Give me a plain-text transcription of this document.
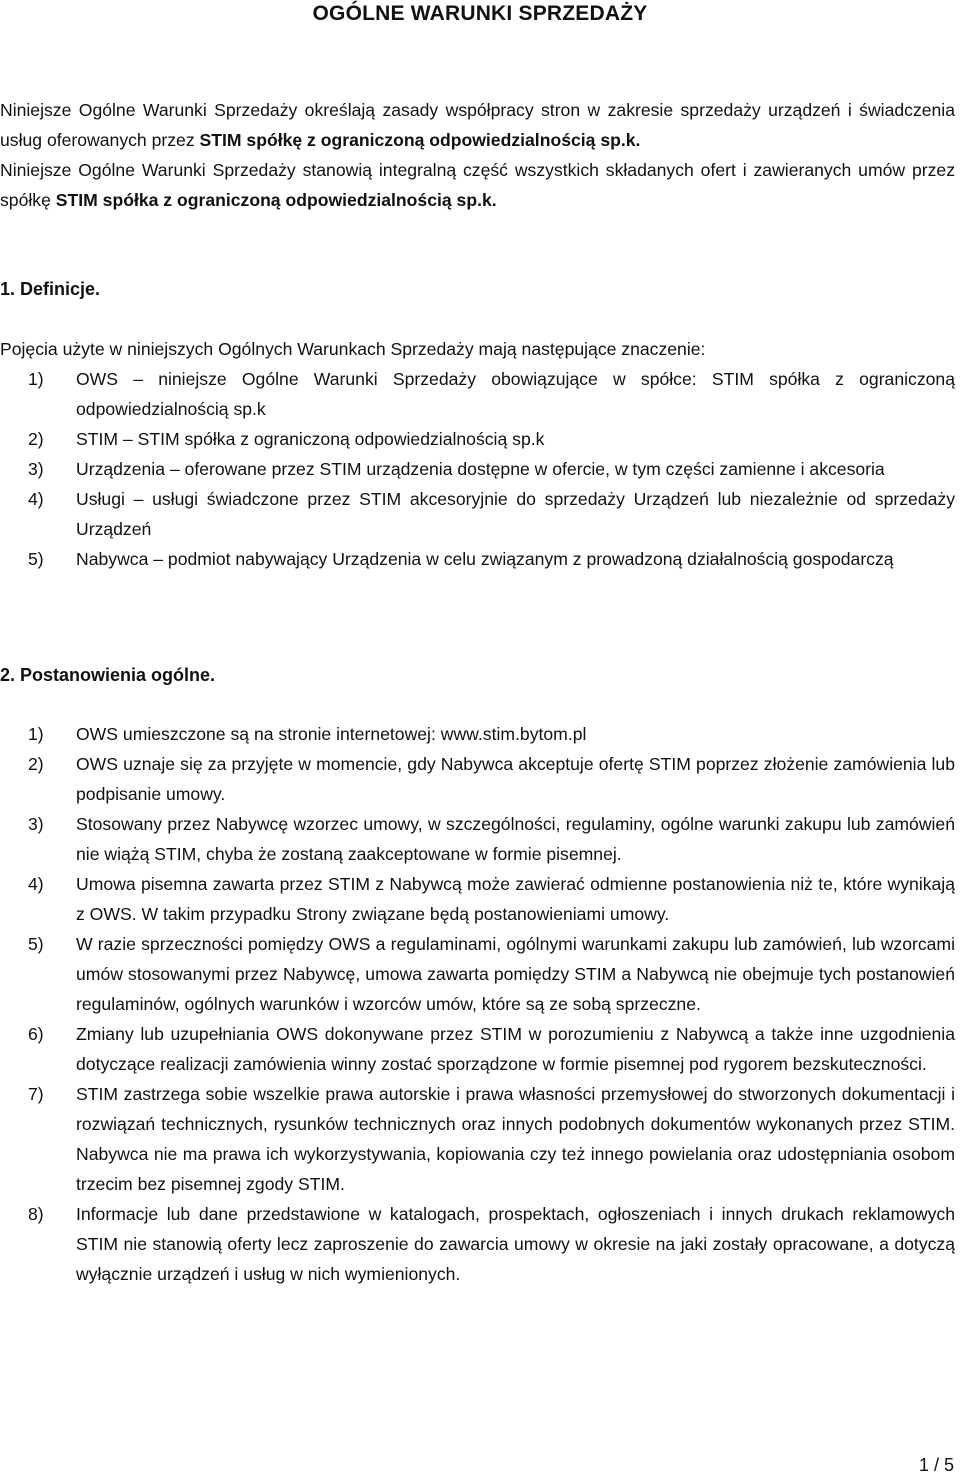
OGÓLNE WARUNKI SPRZEDAŻY

Niniejsze Ogólne Warunki Sprzedaży określają zasady współpracy stron w zakresie sprzedaży urządzeń i świadczenia usług oferowanych przez STIM spółkę z ograniczoną odpowiedzialnością sp.k.

Niniejsze Ogólne Warunki Sprzedaży stanowią integralną część wszystkich składanych ofert i zawieranych umów przez spółkę STIM spółka z ograniczoną odpowiedzialnością sp.k.

1. Definicje.

Pojęcia użyte w niniejszych Ogólnych Warunkach Sprzedaży mają następujące znaczenie:

1) OWS – niniejsze Ogólne Warunki Sprzedaży obowiązujące w spółce: STIM spółka z ograniczoną odpowiedzialnością sp.k
2) STIM – STIM spółka z ograniczoną odpowiedzialnością sp.k
3) Urządzenia – oferowane przez STIM urządzenia dostępne w ofercie, w tym części zamienne i akcesoria
4) Usługi – usługi świadczone przez STIM akcesoryjnie do sprzedaży Urządzeń lub niezależnie od sprzedaży Urządzeń
5) Nabywca – podmiot nabywający Urządzenia w celu związanym z prowadzoną działalnością gospodarczą
2. Postanowienia ogólne.
1) OWS umieszczone są na stronie internetowej: www.stim.bytom.pl
2) OWS uznaje się za przyjęte w momencie, gdy Nabywca akceptuje ofertę STIM poprzez złożenie zamówienia lub podpisanie umowy.
3) Stosowany przez Nabywcę wzorzec umowy, w szczególności, regulaminy, ogólne warunki zakupu lub zamówień nie wiążą STIM, chyba że zostaną zaakceptowane w formie pisemnej.
4) Umowa pisemna zawarta przez STIM z Nabywcą może zawierać odmienne postanowienia niż te, które wynikają z OWS. W takim przypadku Strony związane będą postanowieniami umowy.
5) W razie sprzeczności pomiędzy OWS a regulaminami, ogólnymi warunkami zakupu lub zamówień, lub wzorcami umów stosowanymi przez Nabywcę, umowa zawarta pomiędzy STIM a Nabywcą nie obejmuje tych postanowień regulaminów, ogólnych warunków i wzorców umów, które są ze sobą sprzeczne.
6) Zmiany lub uzupełniania OWS dokonywane przez STIM w porozumieniu z Nabywcą a także inne uzgodnienia dotyczące realizacji zamówienia winny zostać sporządzone w formie pisemnej pod rygorem bezskuteczności.
7) STIM zastrzega sobie wszelkie prawa autorskie i prawa własności przemysłowej do stworzonych dokumentacji i rozwiązań technicznych, rysunków technicznych oraz innych podobnych dokumentów wykonanych przez STIM. Nabywca nie ma prawa ich wykorzystywania, kopiowania czy też innego powielania oraz udostępniania osobom trzecim bez pisemnej zgody STIM.
8) Informacje lub dane przedstawione w katalogach, prospektach, ogłoszeniach i innych drukach reklamowych STIM nie stanowią oferty lecz zaproszenie do zawarcia umowy w okresie na jaki zostały opracowane, a dotyczą wyłącznie urządzeń i usług w nich wymienionych.
1 / 5
